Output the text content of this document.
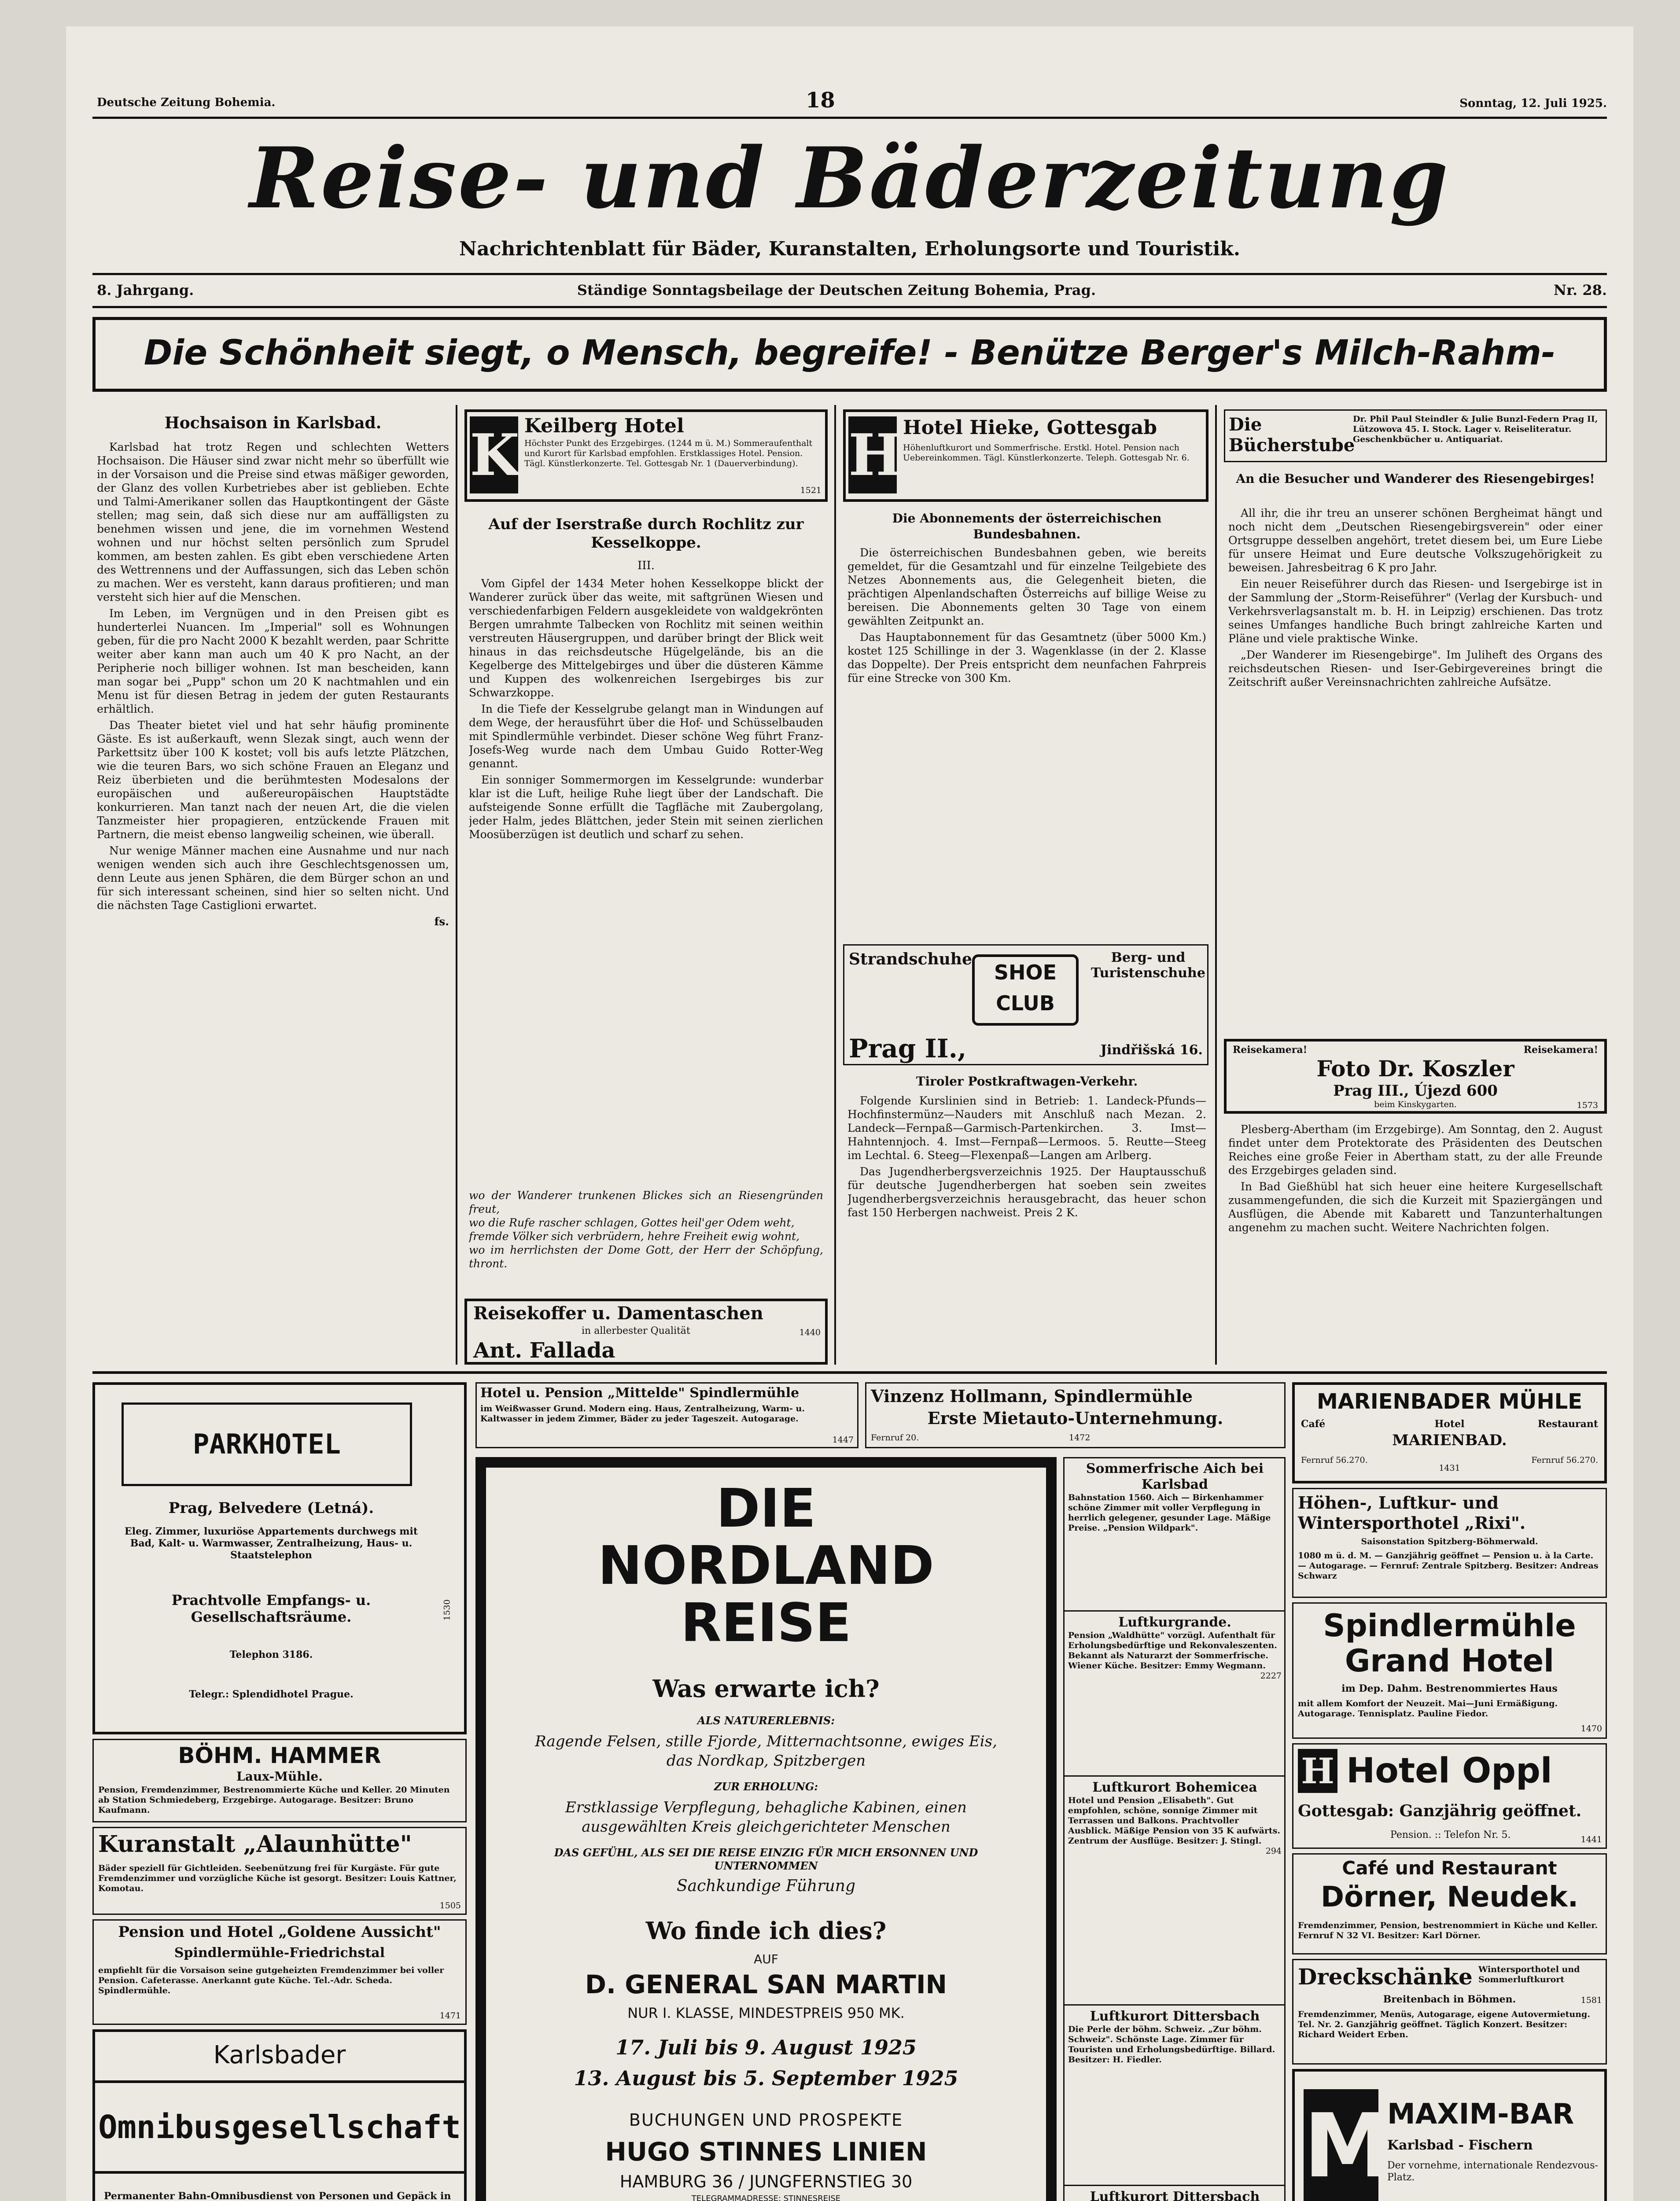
Deutsche Zeitung Bohemia.	18	Sonntag, 12. Juli 1925.
Reise- und Bäderzeitung
Nachrichtenblatt für Bäder, Kuranstalten, Erholungsorte und Touristik.
8. Jahrgang.	Ständige Sonntagsbeilage der Deutschen Zeitung Bohemia, Prag.	Nr. 28.
Die Schönheit siegt, o Mensch, begreife! - Benütze Berger's Milch-Rahm-
Hochsaison in Karlsbad.

Karlsbad hat trotz Regen und schlechten Wetters Hochsaison. Die Häuser sind zwar nicht mehr so überfüllt wie in der Vorsaison und die Preise sind etwas mäßiger geworden, der Glanz des vollen Kurbetriebes aber ist geblieben. Echte und Talmi-Amerikaner sollen das Hauptkontingent der Gäste stellen; mag sein, daß sich diese nur am auffälligsten zu benehmen wissen und jene, die im vornehmen Westend wohnen und nur höchst selten persönlich zum Sprudel kommen, am besten zahlen. Es gibt eben verschiedene Arten des Wettrennens und der Auffassungen, sich das Leben schön zu machen. Wer es versteht, kann daraus profitieren; und man versteht sich hier auf die Menschen.

Im Leben, im Vergnügen und in den Preisen gibt es hunderterlei Nuancen. Im „Imperial" soll es Wohnungen geben, für die pro Nacht 2000 K bezahlt werden, paar Schritte weiter aber kann man auch um 40 K pro Nacht, an der Peripherie noch billiger wohnen. Ist man bescheiden, kann man sogar bei „Pupp" schon um 20 K nachtmahlen und ein Menu ist für diesen Betrag in jedem der guten Restaurants erhältlich.

Das Theater bietet viel und hat sehr häufig prominente Gäste. Es ist außerkauft, wenn Slezak singt, auch wenn der Parkettsitz über 100 K kostet; voll bis aufs letzte Plätzchen, wie die teuren Bars, wo sich schöne Frauen an Eleganz und Reiz überbieten und die berühmtesten Modesalons der europäischen und außereuropäischen Hauptstädte konkurrieren. Man tanzt nach der neuen Art, die die vielen Tanzmeister hier propagieren, entzückende Frauen mit Partnern, die meist ebenso langweilig scheinen, wie überall.

Nur wenige Männer machen eine Ausnahme und nur nach wenigen wenden sich auch ihre Geschlechtsgenossen um, denn Leute aus jenen Sphären, die dem Bürger schon an und für sich interessant scheinen, sind hier so selten nicht. Und die nächsten Tage Castiglioni erwartet.

fs.
K Keilberg Hotel
Höchster Punkt des Erzgebirges. (1244 m ü. M.) Sommeraufenthalt und Kurort für Karlsbad empfohlen. Erstklassiges Hotel. Pension. Tägl. Künstlerkonzerte. Tel. Gottesgab Nr. 1 (Dauerverbindung).
1521
Auf der Iserstraße durch Rochlitz zur Kesselkoppe.
III.

Vom Gipfel der 1434 Meter hohen Kesselkoppe blickt der Wanderer zurück über das weite, mit saftgrünen Wiesen und verschiedenfarbigen Feldern ausgekleidete von waldgekrönten Bergen umrahmte Talbecken von Rochlitz mit seinen weithin verstreuten Häusergruppen, und darüber bringt der Blick weit hinaus in das reichsdeutsche Hügelgelände, bis an die Kegelberge des Mittelgebirges und über die düsteren Kämme und Kuppen des wolkenreichen Isergebirges bis zur Schwarzkoppe.

In die Tiefe der Kesselgrube gelangt man in Windungen auf dem Wege, der herausführt über die Hof- und Schüsselbauden mit Spindlermühle verbindet. Dieser schöne Weg führt Franz-Josefs-Weg wurde nach dem Umbau Guido Rotter-Weg genannt.

Ein sonniger Sommermorgen im Kesselgrunde: wunderbar klar ist die Luft, heilige Ruhe liegt über der Landschaft. Die aufsteigende Sonne erfüllt die Tagfläche mit Zaubergolang, jeder Halm, jedes Blättchen, jeder Stein mit seinen zierlichen Moosüberzügen ist deutlich und scharf zu sehen.

wo der Wanderer trunkenen Blickes sich an Riesengründen freut,
wo die Rufe rascher schlagen, Gottes heil'ger Odem weht,
fremde Völker sich verbrüdern, hehre Freiheit ewig wohnt,
wo im herrlichsten der Dome Gott, der Herr der Schöpfung, thront.
Reisekoffer u. Damentaschen
in allerbester Qualität
Ant. Fallada
1440
H Hotel Hieke, Gottesgab
Höhenluftkurort und Sommerfrische. Erstkl. Hotel. Pension nach Uebereinkommen. Tägl. Künstlerkonzerte. Teleph. Gottesgab Nr. 6.
Die Abonnements der österreichischen Bundesbahnen.

Die österreichischen Bundesbahnen geben, wie bereits gemeldet, für die Gesamtzahl und für einzelne Teilgebiete des Netzes Abonnements aus, die Gelegenheit bieten, die prächtigen Alpenlandschaften Österreichs auf billige Weise zu bereisen. Die Abonnements gelten 30 Tage von einem gewählten Zeitpunkt an.

Das Hauptabonnement für das Gesamtnetz (über 5000 Km.) kostet 125 Schillinge in der 3. Wagenklasse (in der 2. Klasse das Doppelte). Der Preis entspricht dem neunfachen Fahrpreis für eine Strecke von 300 Km.

Strandschuhe
SHOE CLUB
Berg- und Turistenschuhe
Prag II.,	Jindřišská 16.
Tiroler Postkraftwagen-Verkehr.

Folgende Kurslinien sind in Betrieb: 1. Landeck-Pfunds—Hochfinstermünz—Nauders mit Anschluß nach Mezan. 2. Landeck—Fernpaß—Garmisch-Partenkirchen. 3. Imst—Hahntennjoch. 4. Imst—Fernpaß—Lermoos. 5. Reutte—Steeg im Lechtal. 6. Steeg—Flexenpaß—Langen am Arlberg.

Das Jugendherbergsverzeichnis 1925. Der Hauptausschuß für deutsche Jugendherbergen hat soeben sein zweites Jugendherbergsverzeichnis herausgebracht, das heuer schon fast 150 Herbergen nachweist. Preis 2 K.

Die Bücherstube
Dr. Phil Paul Steindler & Julie Bunzl-Federn Prag II, Lützowova 45. I. Stock. Lager v. Reiseliteratur. Geschenkbücher u. Antiquariat.
An die Besucher und Wanderer des Riesengebirges!

All ihr, die ihr treu an unserer schönen Bergheimat hängt und noch nicht dem „Deutschen Riesengebirgsverein" oder einer Ortsgruppe desselben angehört, tretet diesem bei, um Eure Liebe für unsere Heimat und Eure deutsche Volkszugehörigkeit zu beweisen. Jahresbeitrag 6 K pro Jahr.

Ein neuer Reiseführer durch das Riesen- und Isergebirge ist in der Sammlung der „Storm-Reiseführer" (Verlag der Kursbuch- und Verkehrsverlagsanstalt m. b. H. in Leipzig) erschienen. Das trotz seines Umfanges handliche Buch bringt zahlreiche Karten und Pläne und viele praktische Winke.

„Der Wanderer im Riesengebirge". Im Juliheft des Organs des reichsdeutschen Riesen- und Iser-Gebirgevereines bringt die Zeitschrift außer Vereinsnachrichten zahlreiche Aufsätze.

Reisekamera!	Reisekamera!
Foto Dr. Koszler
Prag III., Újezd 600
beim Kinskygarten.	1573

Plesberg-Abertham (im Erzgebirge). Am Sonntag, den 2. August findet unter dem Protektorate des Präsidenten des Deutschen Reiches eine große Feier in Abertham statt, zu der alle Freunde des Erzgebirges geladen sind.

In Bad Gießhübl hat sich heuer eine heitere Kurgesellschaft zusammengefunden, die sich die Kurzeit mit Spaziergängen und Ausflügen, die Abende mit Kabarett und Tanzunterhaltungen angenehm zu machen sucht. Weitere Nachrichten folgen.

PARKHOTEL
Prag, Belvedere (Letná).
Eleg. Zimmer, luxuriöse Appartements durchwegs mit Bad, Kalt- u. Warmwasser, Zentralheizung, Haus- u. Staatstelephon
Prachtvolle Empfangs- u. Gesellschaftsräume.
Telephon 3186.
Telegr.: Splendidhotel Prague.
1530
BÖHM. HAMMER
Laux-Mühle.
Pension, Fremdenzimmer, Bestrenommierte Küche und Keller. 20 Minuten ab Station Schmiedeberg, Erzgebirge. Autogarage. Besitzer: Bruno Kaufmann.
Kuranstalt „Alaunhütte"
Bäder speziell für Gichtleiden. Seebenützung frei für Kurgäste. Für gute Fremdenzimmer und vorzügliche Küche ist gesorgt. Besitzer: Louis Kattner, Komotau.
1505
Pension und Hotel „Goldene Aussicht"
Spindlermühle-Friedrichstal
empfiehlt für die Vorsaison seine gutgeheizten Fremdenzimmer bei voller Pension. Cafeterasse. Anerkannt gute Küche. Tel.-Adr. Scheda. Spindlermühle.
1471
Karlsbader
Omnibusgesellschaft
Permanenter Bahn-Omnibusdienst von Personen und Gepäck in
Hotel u. Pension „Mittelde" Spindlermühle
im Weißwasser Grund. Modern eing. Haus, Zentralheizung, Warm- u. Kaltwasser in jedem Zimmer, Bäder zu jeder Tageszeit. Autogarage.
1447
Vinzenz Hollmann, Spindlermühle
Erste Mietauto-Unternehmung.
Fernruf 20.	1472
DIE
NORDLAND
REISE
Was erwarte ich?
ALS NATURERLEBNIS:
Ragende Felsen, stille Fjorde, Mitternachtsonne, ewiges Eis, das Nordkap, Spitzbergen
ZUR ERHOLUNG:
Erstklassige Verpflegung, behagliche Kabinen, einen ausgewählten Kreis gleichgerichteter Menschen
DAS GEFÜHL, ALS SEI DIE REISE EINZIG FÜR MICH ERSONNEN UND UNTERNOMMEN
Sachkundige Führung
Wo finde ich dies?
AUF
D. GENERAL SAN MARTIN
NUR I. KLASSE, MINDESTPREIS 950 MK.
17. Juli bis 9. August 1925
13. August bis 5. September 1925
BUCHUNGEN UND PROSPEKTE
HUGO STINNES LINIEN
HAMBURG 36 / JUNGFERNSTIEG 30
TELEGRAMMADRESSE: STINNESREISE
Sommerfrische Aich bei Karlsbad
Bahnstation 1560. Aich — Birkenhammer schöne Zimmer mit voller Verpflegung in herrlich gelegener, gesunder Lage. Mäßige Preise. „Pension Wildpark".
Luftkurgrande.
Pension „Waldhütte" vorzügl. Aufenthalt für Erholungsbedürftige und Rekonvaleszenten. Bekannt als Naturarzt der Sommerfrische. Wiener Küche. Besitzer: Emmy Wegmann.
2227
Luftkurort Bohemicea
Hotel und Pension „Elisabeth". Gut empfohlen, schöne, sonnige Zimmer mit Terrassen und Balkons. Prachtvoller Ausblick. Mäßige Pension von 35 K aufwärts. Zentrum der Ausflüge. Besitzer: J. Stingl.
294
Luftkurort Dittersbach
Die Perle der böhm. Schweiz. „Zur böhm. Schweiz". Schönste Lage. Zimmer für Touristen und Erholungsbedürftige. Billard. Besitzer: H. Fiedler.
Luftkurort Dittersbach
MARIENBADER MÜHLE
Café	Hotel	Restaurant
MARIENBAD.
Fernruf 56.270.
1431
Fernruf 56.270.
Höhen-, Luftkur- und Wintersporthotel „Rixi".
Saisonstation Spitzberg-Böhmerwald.
1080 m ü. d. M. — Ganzjährig geöffnet — Pension u. à la Carte. — Autogarage. — Fernruf: Zentrale Spitzberg. Besitzer: Andreas Schwarz
Spindlermühle
Grand Hotel
im Dep. Dahm. Bestrenommiertes Haus
mit allem Komfort der Neuzeit. Mai—Juni Ermäßigung. Autogarage. Tennisplatz. Pauline Fiedor.
1470
H Hotel Oppl
Gottesgab: Ganzjährig geöffnet.
Pension. :: Telefon Nr. 5.	1441
Café und Restaurant
Dörner, Neudek.
Fremdenzimmer, Pension, bestrenommiert in Küche und Keller. Fernruf N 32 VI. Besitzer: Karl Dörner.
Dreckschänke Wintersporthotel und Sommerluftkurort
Breitenbach in Böhmen.
Fremdenzimmer, Menüs, Autogarage, eigene Autovermietung. Tel. Nr. 2. Ganzjährig geöffnet. Täglich Konzert. Besitzer: Richard Weidert Erben.
1581
M
MAXIM-BAR
Karlsbad - Fischern
Der vornehme, internationale Rendezvous-Platz.
